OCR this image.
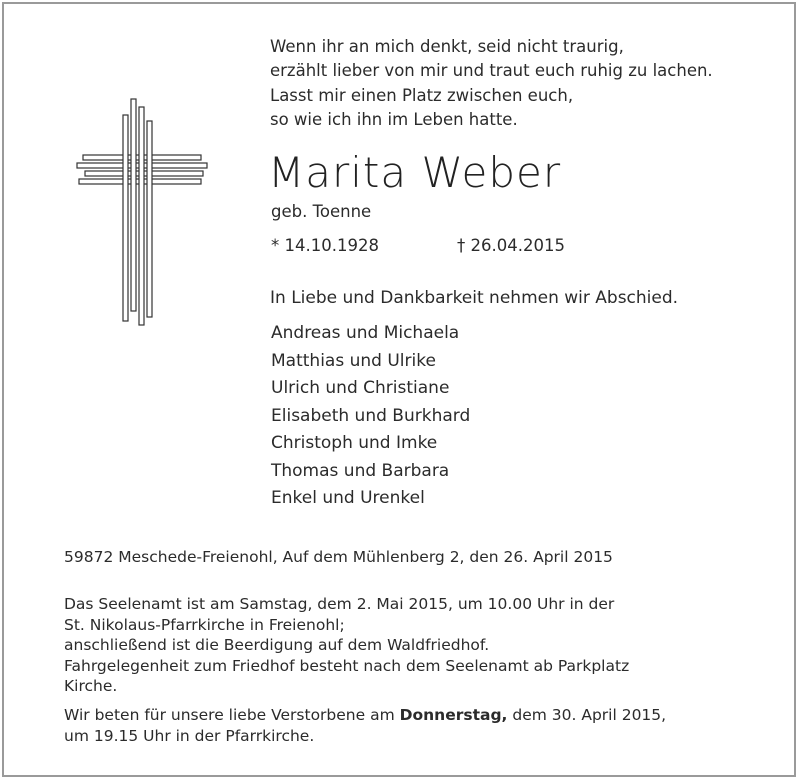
Wenn ihr an mich denkt, seid nicht traurig,
erzählt lieber von mir und traut euch ruhig zu lachen.
Lasst mir einen Platz zwischen euch,
so wie ich ihn im Leben hatte.
Marita Weber
geb. Toenne
* 14.10.1928	† 26.04.2015
In Liebe und Dankbarkeit nehmen wir Abschied.
Andreas und Michaela
Matthias und Ulrike
Ulrich und Christiane
Elisabeth und Burkhard
Christoph und Imke
Thomas und Barbara
Enkel und Urenkel
59872 Meschede-Freienohl, Auf dem Mühlenberg 2, den 26. April 2015

Das Seelenamt ist am Samstag, dem 2. Mai 2015, um 10.00 Uhr in der

St. Nikolaus-Pfarrkirche in Freienohl;

anschließend ist die Beerdigung auf dem Waldfriedhof.

Fahrgelegenheit zum Friedhof besteht nach dem Seelenamt ab Parkplatz

Kirche.

Wir beten für unsere liebe Verstorbene am Donnerstag, dem 30. April 2015,

um 19.15 Uhr in der Pfarrkirche.
